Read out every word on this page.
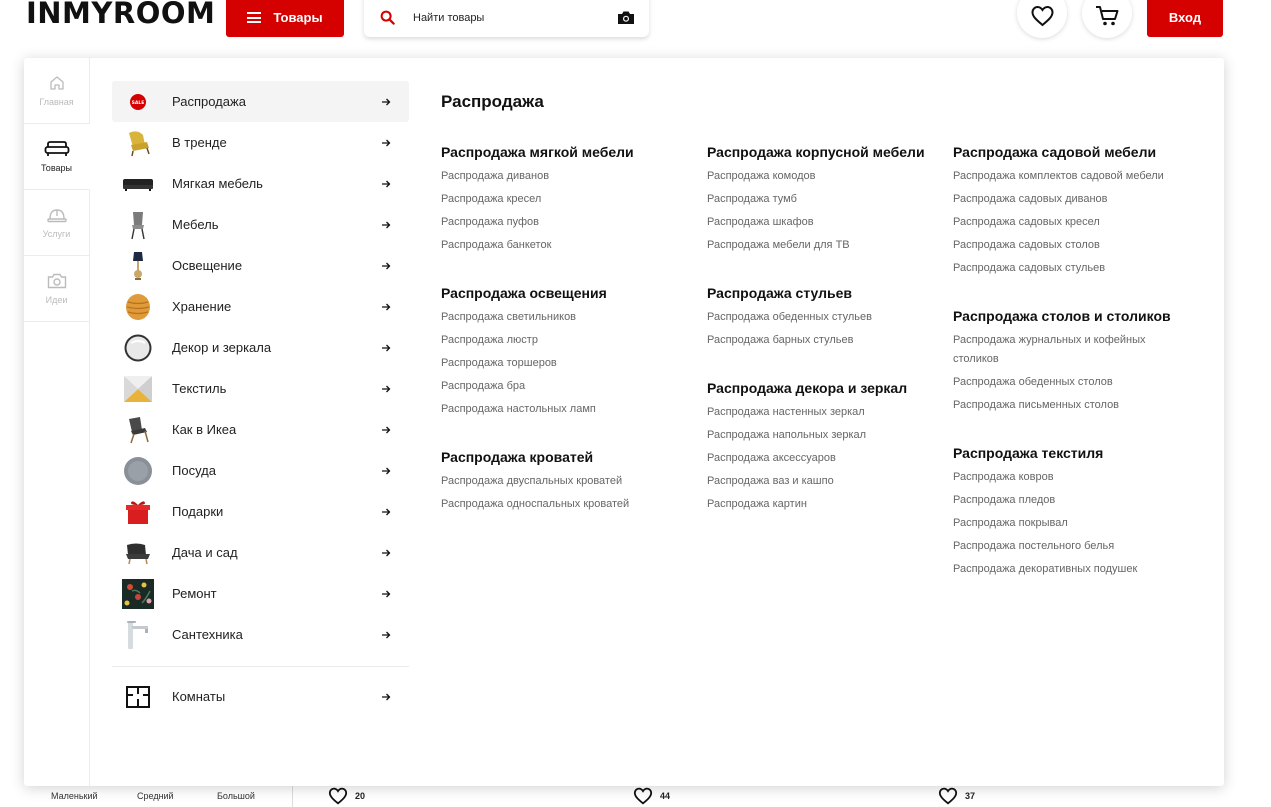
INMYROOM	Товары	Найти товары	Вход
Маленький	Средний	Большой	20	44	37
Главная
Товары
Услуги
Идеи
SALE Распродажа
В тренде
Мягкая мебель
Мебель
Освещение
Хранение
Декор и зеркала
Текстиль
Как в Икеа
Посуда
Подарки
Дача и сад
Ремонт
Сантехника
Комнаты
Распродажа
Распродажа мягкой мебели
Распродажа диванов
Распродажа кресел
Распродажа пуфов
Распродажа банкеток
Распродажа освещения
Распродажа светильников
Распродажа люстр
Распродажа торшеров
Распродажа бра
Распродажа настольных ламп
Распродажа кроватей
Распродажа двуспальных кроватей
Распродажа односпальных кроватей
Распродажа корпусной мебели
Распродажа комодов
Распродажа тумб
Распродажа шкафов
Распродажа мебели для ТВ
Распродажа стульев
Распродажа обеденных стульев
Распродажа барных стульев
Распродажа декора и зеркал
Распродажа настенных зеркал
Распродажа напольных зеркал
Распродажа аксессуаров
Распродажа ваз и кашпо
Распродажа картин
Распродажа садовой мебели
Распродажа комплектов садовой мебели
Распродажа садовых диванов
Распродажа садовых кресел
Распродажа садовых столов
Распродажа садовых стульев
Распродажа столов и столиков
Распродажа журнальных и кофейных столиков
Распродажа обеденных столов
Распродажа письменных столов
Распродажа текстиля
Распродажа ковров
Распродажа пледов
Распродажа покрывал
Распродажа постельного белья
Распродажа декоративных подушек
